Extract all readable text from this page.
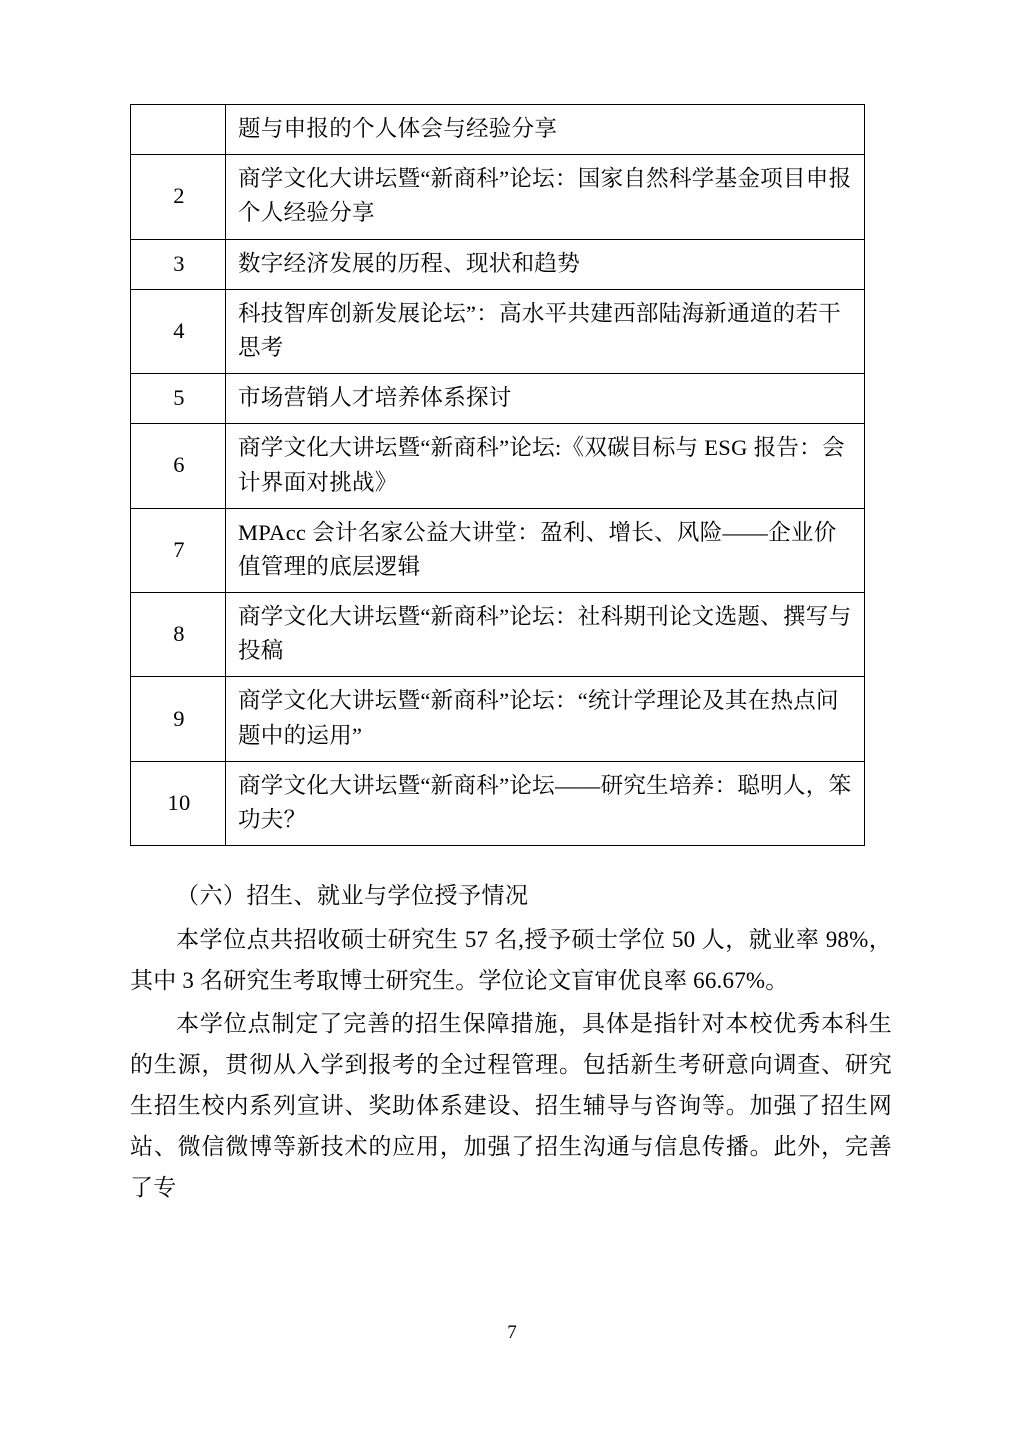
	题与申报的个人体会与经验分享
2	商学文化大讲坛暨“新商科”论坛：国家自然科学基金项目申报个人经验分享
3	数字经济发展的历程、现状和趋势
4	科技智库创新发展论坛”：高水平共建西部陆海新通道的若干思考
5	市场营销人才培养体系探讨
6	商学文化大讲坛暨“新商科”论坛:《双碳目标与 ESG 报告：会计界面对挑战》
7	MPAcc 会计名家公益大讲堂：盈利、增长、风险——企业价值管理的底层逻辑
8	商学文化大讲坛暨“新商科”论坛：社科期刊论文选题、撰写与投稿
9	商学文化大讲坛暨“新商科”论坛：“统计学理论及其在热点问题中的运用”
10	商学文化大讲坛暨“新商科”论坛——研究生培养：聪明人，笨功夫？
（六）招生、就业与学位授予情况

本学位点共招收硕士研究生 57 名,授予硕士学位 50 人，就业率 98%，其中 3 名研究生考取博士研究生。学位论文盲审优良率 66.67%。

本学位点制定了完善的招生保障措施，具体是指针对本校优秀本科生的生源，贯彻从入学到报考的全过程管理。包括新生考研意向调查、研究生招生校内系列宣讲、奖助体系建设、招生辅导与咨询等。加强了招生网站、微信微博等新技术的应用，加强了招生沟通与信息传播。此外，完善了专

7
